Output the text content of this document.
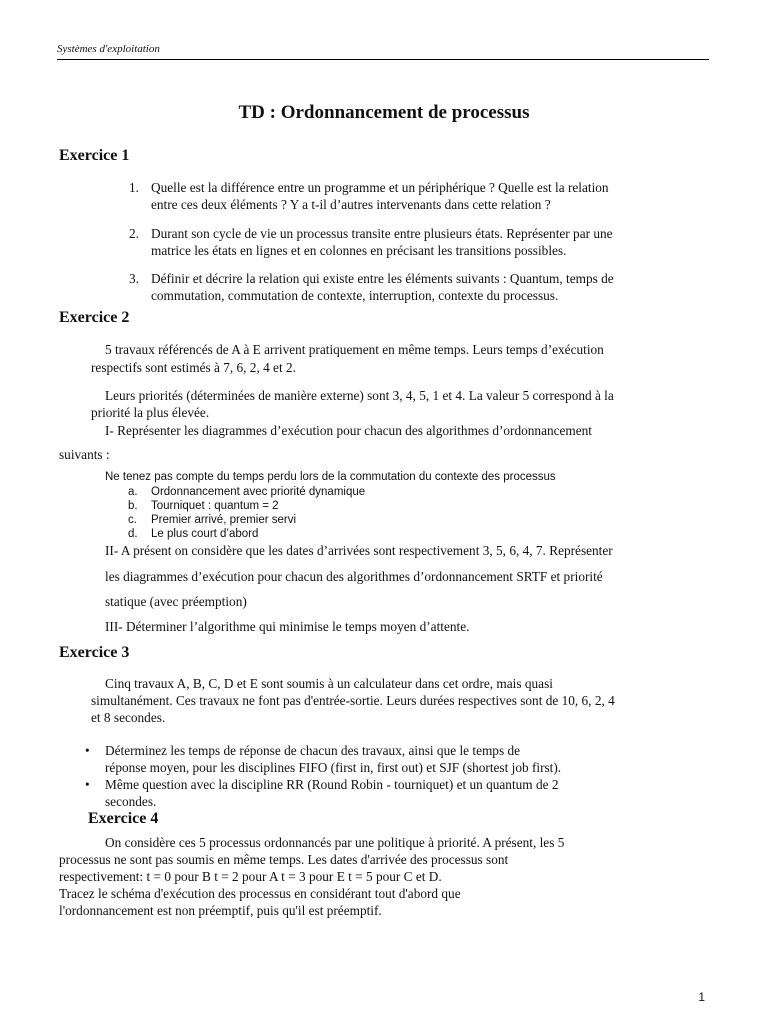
Systèmes d'exploitation
TD : Ordonnancement de processus
Exercice 1
1. Quelle est la différence entre un programme et un périphérique ? Quelle est la relation
entre ces deux éléments ? Y a t-il d’autres intervenants dans cette relation ?
2. Durant son cycle de vie un processus transite entre plusieurs états. Représenter par une
matrice les états en lignes et en colonnes en précisant les transitions possibles.
3. Définir et décrire la relation qui existe entre les éléments suivants : Quantum, temps de
commutation, commutation de contexte, interruption, contexte du processus.
Exercice 2
5 travaux référencés de A à E arrivent pratiquement en même temps. Leurs temps d’exécution
respectifs sont estimés à 7, 6, 2, 4 et 2.
Leurs priorités (déterminées de manière externe) sont 3, 4, 5, 1 et 4. La valeur 5 correspond à la
priorité la plus élevée.
I- Représenter les diagrammes d’exécution pour chacun des algorithmes d’ordonnancement
suivants :
Ne tenez pas compte du temps perdu lors de la commutation du contexte des processus
a. Ordonnancement avec priorité dynamique
b. Tourniquet : quantum = 2
c. Premier arrivé, premier servi
d. Le plus court d’abord
II- A présent on considère que les dates d’arrivées sont respectivement 3, 5, 6, 4, 7. Représenter
les diagrammes d’exécution pour chacun des algorithmes d’ordonnancement SRTF et priorité
statique (avec préemption)
III- Déterminer l’algorithme qui minimise le temps moyen d’attente.
Exercice 3
Cinq travaux A, B, C, D et E sont soumis à un calculateur dans cet ordre, mais quasi
simultanément. Ces travaux ne font pas d'entrée-sortie. Leurs durées respectives sont de 10, 6, 2, 4
et 8 secondes.
• Déterminez les temps de réponse de chacun des travaux, ainsi que le temps de
réponse moyen, pour les disciplines FIFO (first in, first out) et SJF (shortest job first).
• Même question avec la discipline RR (Round Robin - tourniquet) et un quantum de 2
secondes.
Exercice 4
On considère ces 5 processus ordonnancés par une politique à priorité. A présent, les 5
processus ne sont pas soumis en même temps. Les dates d'arrivée des processus sont
respectivement: t = 0 pour B t = 2 pour A t = 3 pour E t = 5 pour C et D.
Tracez le schéma d'exécution des processus en considérant tout d'abord que
l'ordonnancement est non préemptif, puis qu'il est préemptif.
1
